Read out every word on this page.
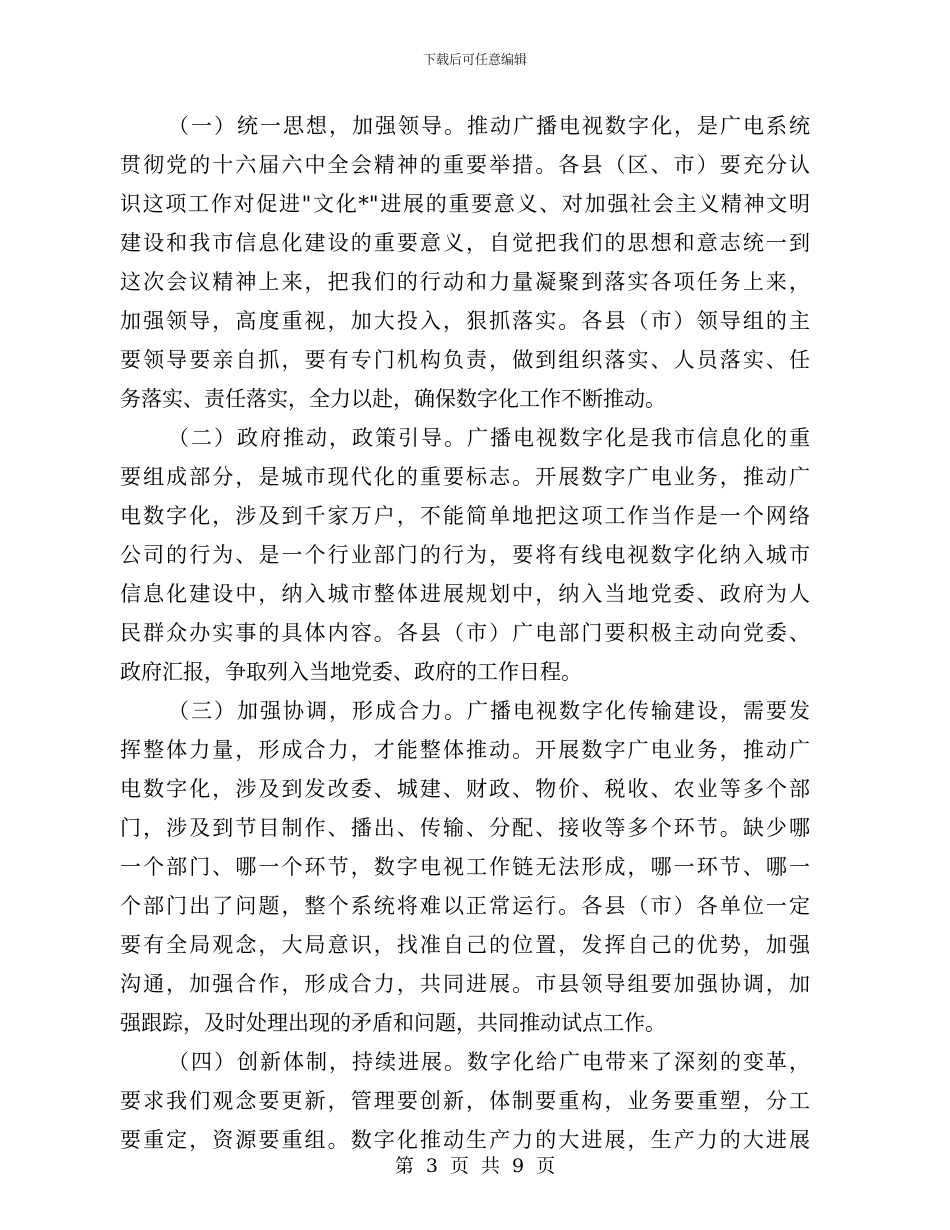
下载后可任意编辑
（一）统一思想，加强领导。推动广播电视数字化，是广电系统
贯彻党的十六届六中全会精神的重要举措。各县（区、市）要充分认
识这项工作对促进"文化*"进展的重要意义、对加强社会主义精神文明
建设和我市信息化建设的重要意义，自觉把我们的思想和意志统一到
这次会议精神上来，把我们的行动和力量凝聚到落实各项任务上来，
加强领导，高度重视，加大投入，狠抓落实。各县（市）领导组的主
要领导要亲自抓，要有专门机构负责，做到组织落实、人员落实、任
务落实、责任落实，全力以赴，确保数字化工作不断推动。
（二）政府推动，政策引导。广播电视数字化是我市信息化的重
要组成部分，是城市现代化的重要标志。开展数字广电业务，推动广
电数字化，涉及到千家万户，不能简单地把这项工作当作是一个网络
公司的行为、是一个行业部门的行为，要将有线电视数字化纳入城市
信息化建设中，纳入城市整体进展规划中，纳入当地党委、政府为人
民群众办实事的具体内容。各县（市）广电部门要积极主动向党委、
政府汇报，争取列入当地党委、政府的工作日程。
（三）加强协调，形成合力。广播电视数字化传输建设，需要发
挥整体力量，形成合力，才能整体推动。开展数字广电业务，推动广
电数字化，涉及到发改委、城建、财政、物价、税收、农业等多个部
门，涉及到节目制作、播出、传输、分配、接收等多个环节。缺少哪
一个部门、哪一个环节，数字电视工作链无法形成，哪一环节、哪一
个部门出了问题，整个系统将难以正常运行。各县（市）各单位一定
要有全局观念，大局意识，找准自己的位置，发挥自己的优势，加强
沟通，加强合作，形成合力，共同进展。市县领导组要加强协调，加
强跟踪，及时处理出现的矛盾和问题，共同推动试点工作。
（四）创新体制，持续进展。数字化给广电带来了深刻的变革，
要求我们观念要更新，管理要创新，体制要重构，业务要重塑，分工
要重定，资源要重组。数字化推动生产力的大进展，生产力的大进展
第 3 页 共 9 页
